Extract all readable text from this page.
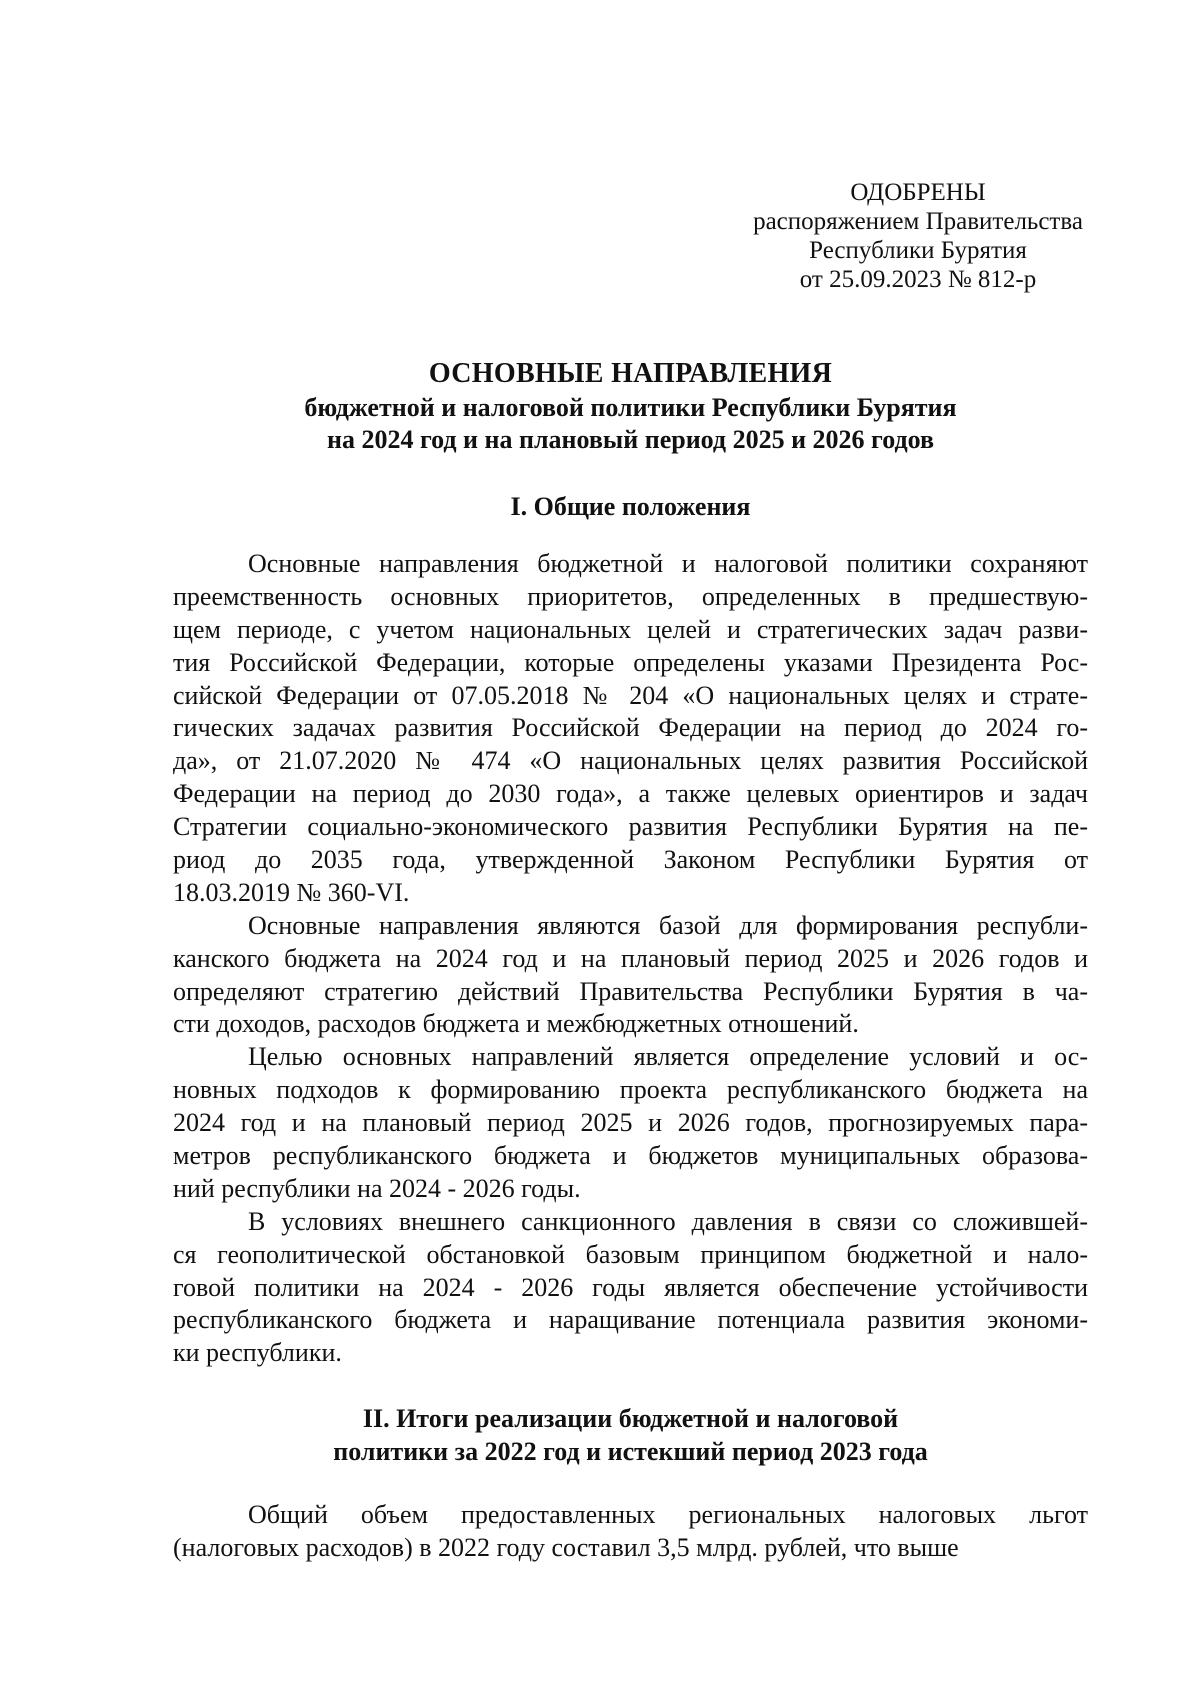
ОДОБРЕНЫ
распоряжением Правительства
Республики Бурятия
от 25.09.2023 № 812-р
ОСНОВНЫЕ НАПРАВЛЕНИЯ
бюджетной и налоговой политики Республики Бурятия
на 2024 год и на плановый период 2025 и 2026 годов
I. Общие положения
Основные направления бюджетной и налоговой политики сохраняют
преемственность основных приоритетов, определенных в предшествую-
щем периоде, с учетом национальных целей и стратегических задач разви-
тия Российской Федерации, которые определены указами Президента Рос-
сийской Федерации от 07.05.2018 № 204 «О национальных целях и страте-
гических задачах развития Российской Федерации на период до 2024 го-
да», от 21.07.2020 № 474 «О национальных целях развития Российской
Федерации на период до 2030 года», а также целевых ориентиров и задач
Стратегии социально-экономического развития Республики Бурятия на пе-
риод до 2035 года, утвержденной Законом Республики Бурятия от
18.03.2019 № 360-VI.
Основные направления являются базой для формирования республи-
канского бюджета на 2024 год и на плановый период 2025 и 2026 годов и
определяют стратегию действий Правительства Республики Бурятия в ча-
сти доходов, расходов бюджета и межбюджетных отношений.
Целью основных направлений является определение условий и ос-
новных подходов к формированию проекта республиканского бюджета на
2024 год и на плановый период 2025 и 2026 годов, прогнозируемых пара-
метров республиканского бюджета и бюджетов муниципальных образова-
ний республики на 2024 - 2026 годы.
В условиях внешнего санкционного давления в связи со сложившей-
ся геополитической обстановкой базовым принципом бюджетной и нало-
говой политики на 2024 - 2026 годы является обеспечение устойчивости
республиканского бюджета и наращивание потенциала развития экономи-
ки республики.
II. Итоги реализации бюджетной и налоговой
политики за 2022 год и истекший период 2023 года
Общий объем предоставленных региональных налоговых льгот
(налоговых расходов) в 2022 году составил 3,5 млрд. рублей, что выше
